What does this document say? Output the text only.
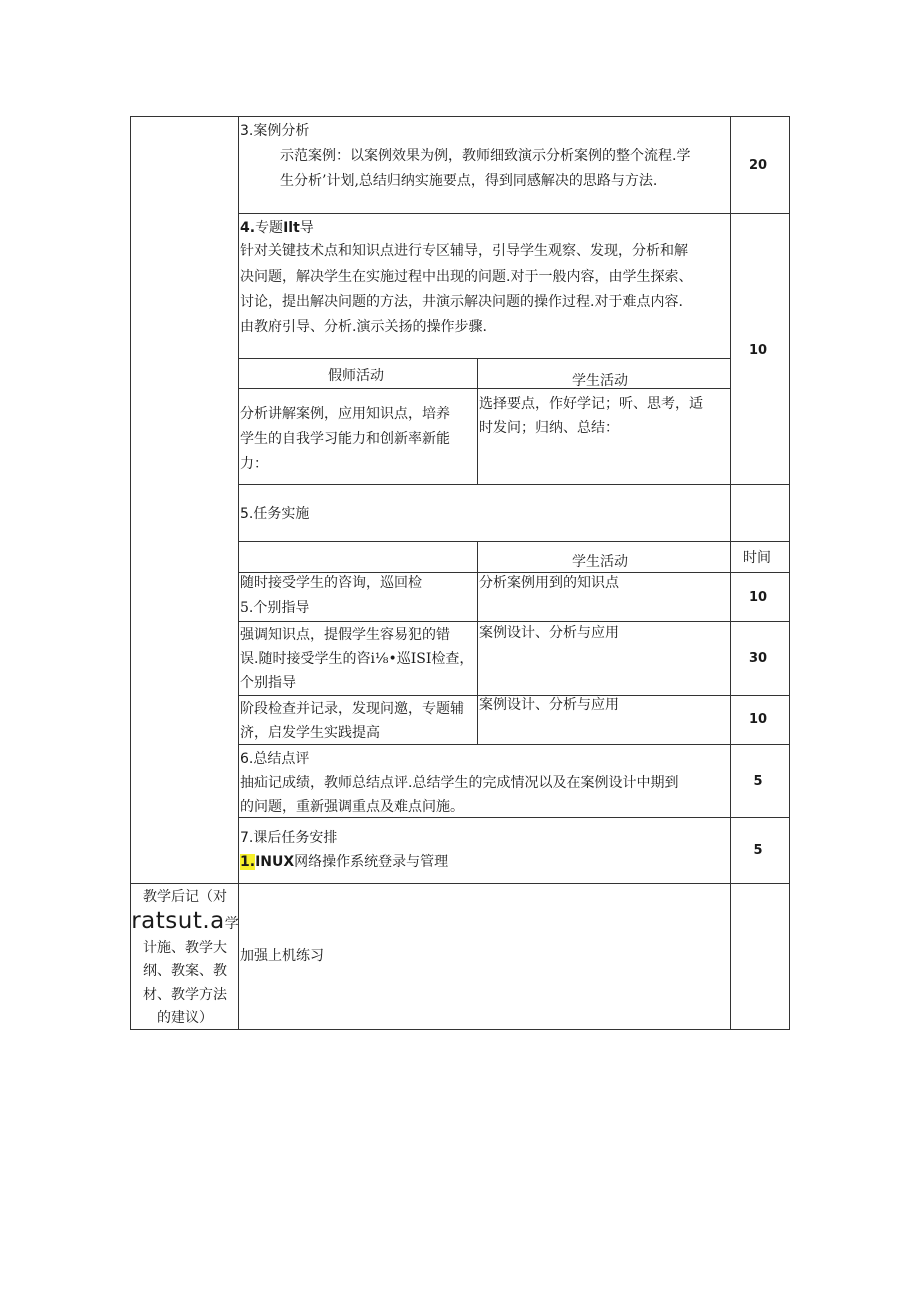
3.案例分析
示范案例：以案例效果为例，教师细致演示分析案例的整个流程.学
生分析’计划,总结归纳实施要点，得到同感解决的思路与方法.
20
4.专题Ilt导
针对关键技术点和知识点进行专区辅导，引导学生观察、发现，分析和解
决问题，解决学生在实施过程中出现的问题.对于一般内容，由学生探索、
讨论，提出解决问题的方法，井演示解决问题的操作过程.对于难点内容.
由教府引导、分析.演示关扬的操作步骤.
10
假师活动	学生活动
分析讲解案例，应用知识点，培养
学生的自我学习能力和创新率新能
力：
选择要点，作好学记；听、思考，适
时发问；归纳、总结：
5.任务实施
学生活动	时间
随时接受学生的咨询，巡回检
5.个别指导
分析案例用到的知识点
10
强调知识点，提假学生容易犯的错
误.随时接受学生的咨i⅛•巡ISI检查，
个别指导
案例设计、分析与应用
30
阶段检查并记录，发现问邀，专题辅
济，启发学生实践提高
案例设计、分析与应用
10
6.总结点评
抽疝记成绩，教师总结点评.总结学生的完成情况以及在案例设计中期到
的问题，重新强调重点及难点问施。
5
7.课后任务安排
1.INUX网络操作系统登录与管理
5
教学后记（对
ratsut.a学
计施、教学大
纲、教案、教
材、教学方法
的建议）
加强上机练习
